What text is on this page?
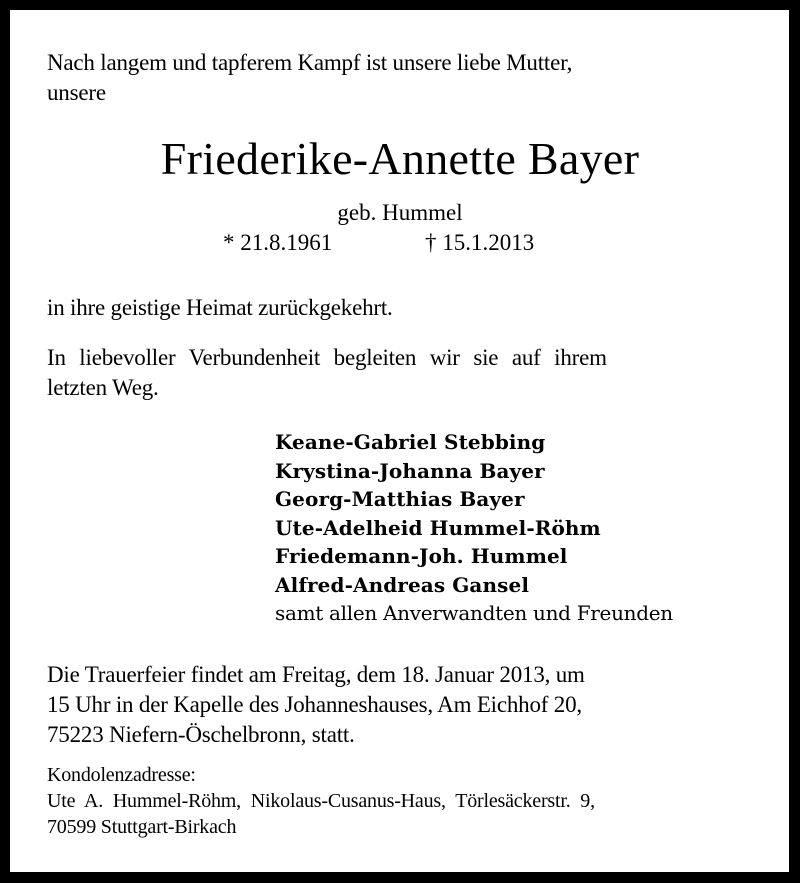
Nach langem und tapferem Kampf ist unsere liebe Mutter,
unsere
Friederike-Annette Bayer
geb. Hummel
* 21.8.1961	† 15.1.2013
in ihre geistige Heimat zurückgekehrt.
In liebevoller Verbundenheit begleiten wir sie auf ihrem
letzten Weg.
Keane-Gabriel Stebbing
Krystina-Johanna Bayer
Georg-Matthias Bayer
Ute-Adelheid Hummel-Röhm
Friedemann-Joh. Hummel
Alfred-Andreas Gansel
samt allen Anverwandten und Freunden
Die Trauerfeier findet am Freitag, dem 18. Januar 2013, um
15 Uhr in der Kapelle des Johanneshauses, Am Eichhof 20,
75223 Niefern-Öschelbronn, statt.
Kondolenzadresse:
Ute A. Hummel-Röhm, Nikolaus-Cusanus-Haus, Törlesäckerstr. 9,
70599 Stuttgart-Birkach
